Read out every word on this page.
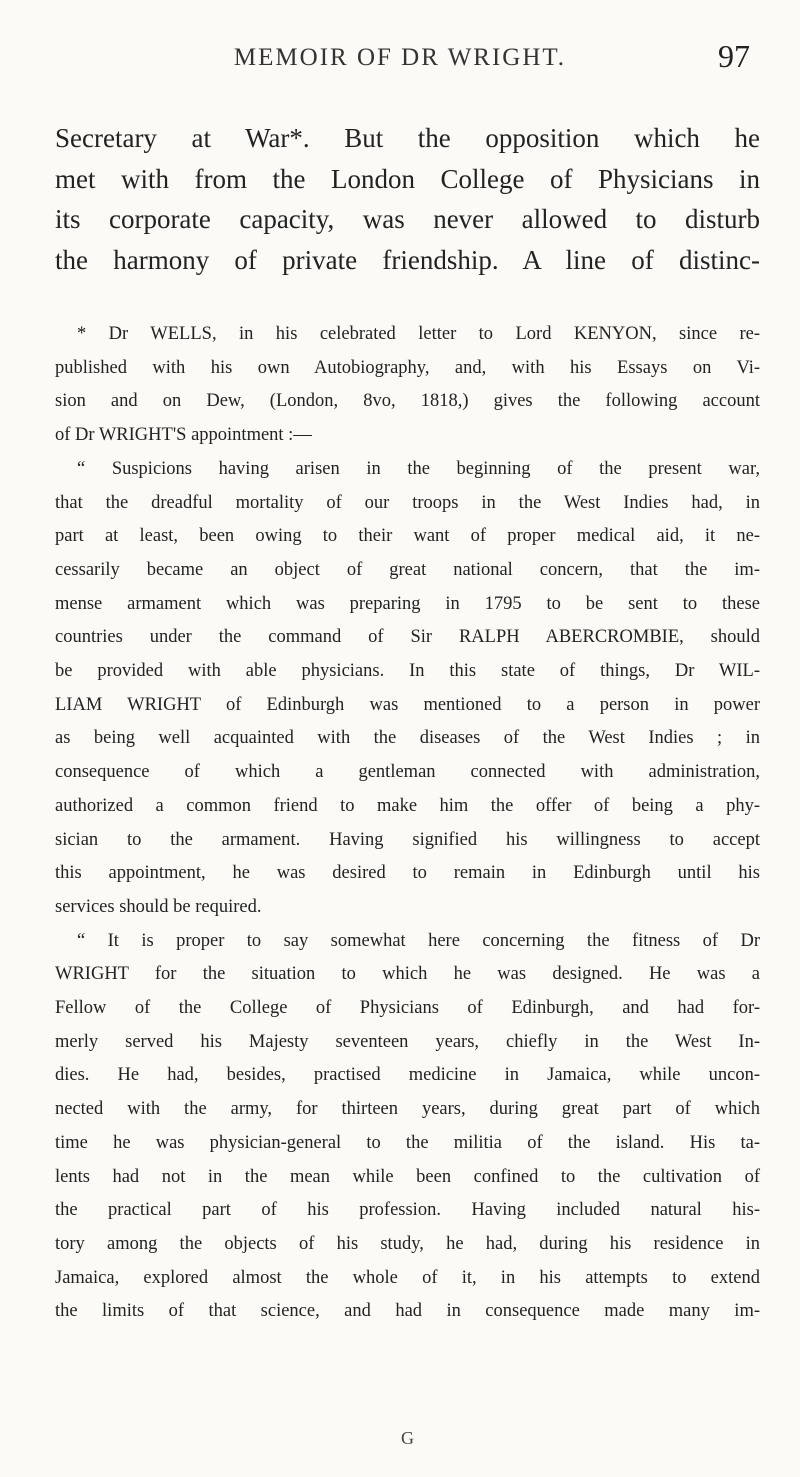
MEMOIR OF DR WRIGHT.	97
Secretary at War*. But the opposition which he
met with from the London College of Physicians in
its corporate capacity, was never allowed to disturb
the harmony of private friendship. A line of distinc-
* Dr WELLS, in his celebrated letter to Lord KENYON, since re-
published with his own Autobiography, and, with his Essays on Vi-
sion and on Dew, (London, 8vo, 1818,) gives the following account
of Dr WRIGHT'S appointment :—
“ Suspicions having arisen in the beginning of the present war,
that the dreadful mortality of our troops in the West Indies had, in
part at least, been owing to their want of proper medical aid, it ne-
cessarily became an object of great national concern, that the im-
mense armament which was preparing in 1795 to be sent to these
countries under the command of Sir RALPH ABERCROMBIE, should
be provided with able physicians. In this state of things, Dr WIL-
LIAM WRIGHT of Edinburgh was mentioned to a person in power
as being well acquainted with the diseases of the West Indies ; in
consequence of which a gentleman connected with administration,
authorized a common friend to make him the offer of being a phy-
sician to the armament. Having signified his willingness to accept
this appointment, he was desired to remain in Edinburgh until his
services should be required.
“ It is proper to say somewhat here concerning the fitness of Dr
WRIGHT for the situation to which he was designed. He was a
Fellow of the College of Physicians of Edinburgh, and had for-
merly served his Majesty seventeen years, chiefly in the West In-
dies. He had, besides, practised medicine in Jamaica, while uncon-
nected with the army, for thirteen years, during great part of which
time he was physician-general to the militia of the island. His ta-
lents had not in the mean while been confined to the cultivation of
the practical part of his profession. Having included natural his-
tory among the objects of his study, he had, during his residence in
Jamaica, explored almost the whole of it, in his attempts to extend
the limits of that science, and had in consequence made many im-
G
